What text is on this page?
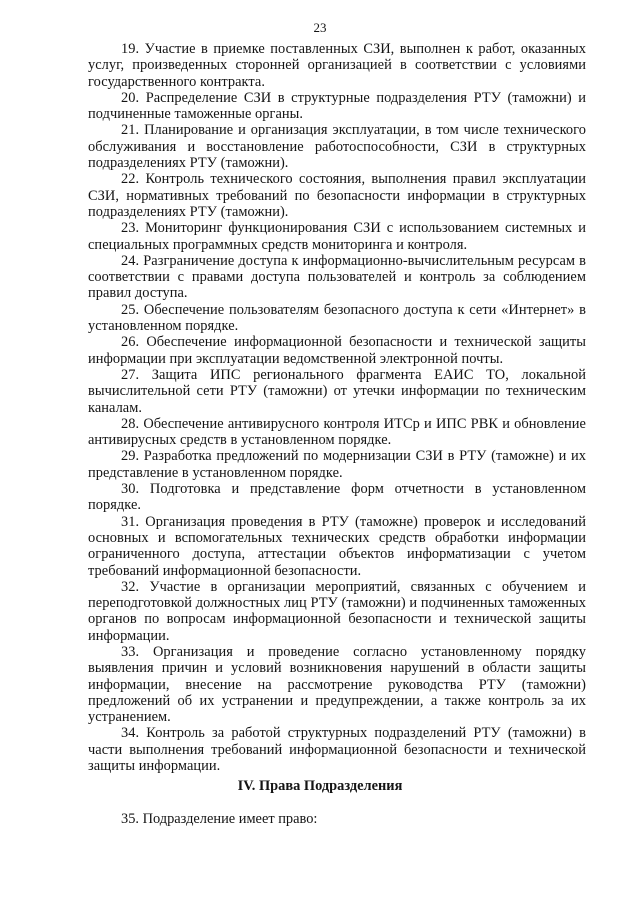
23

19. Участие в приемке поставленных СЗИ, выполнен к работ, оказанных услуг, произведенных сторонней организацией в соответствии с условиями государственного контракта.

20. Распределение СЗИ в структурные подразделения РТУ (таможни) и подчиненные таможенные органы.

21. Планирование и организация эксплуатации, в том числе технического обслуживания и восстановление работоспособности, СЗИ в структурных подразделениях РТУ (таможни).

22. Контроль технического состояния, выполнения правил эксплуатации СЗИ, нормативных требований по безопасности информации в структурных подразделениях РТУ (таможни).

23. Мониторинг функционирования СЗИ с использованием системных и специальных программных средств мониторинга и контроля.

24. Разграничение доступа к информационно-вычислительным ресурсам в соответствии с правами доступа пользователей и контроль за соблюдением правил доступа.

25. Обеспечение пользователям безопасного доступа к сети «Интернет» в установленном порядке.

26. Обеспечение информационной безопасности и технической защиты информации при эксплуатации ведомственной электронной почты.

27. Защита ИПС регионального фрагмента ЕАИС ТО, локальной вычислительной сети РТУ (таможни) от утечки информации по техническим каналам.

28. Обеспечение антивирусного контроля ИТСр и ИПС РВК и обновление антивирусных средств в установленном порядке.

29. Разработка предложений по модернизации СЗИ в РТУ (таможне) и их представление в установленном порядке.

30. Подготовка и представление форм отчетности в установленном порядке.

31. Организация проведения в РТУ (таможне) проверок и исследований основных и вспомогательных технических средств обработки информации ограниченного доступа, аттестации объектов информатизации с учетом требований информационной безопасности.

32. Участие в организации мероприятий, связанных с обучением и переподготовкой должностных лиц РТУ (таможни) и подчиненных таможенных органов по вопросам информационной безопасности и технической защиты информации.

33. Организация и проведение согласно установленному порядку выявления причин и условий возникновения нарушений в области защиты информации, внесение на рассмотрение руководства РТУ (таможни) предложений об их устранении и предупреждении, а также контроль за их устранением.

34. Контроль за работой структурных подразделений РТУ (таможни) в части выполнения требований информационной безопасности и технической защиты информации.

IV. Права Подразделения
35. Подразделение имеет право:
